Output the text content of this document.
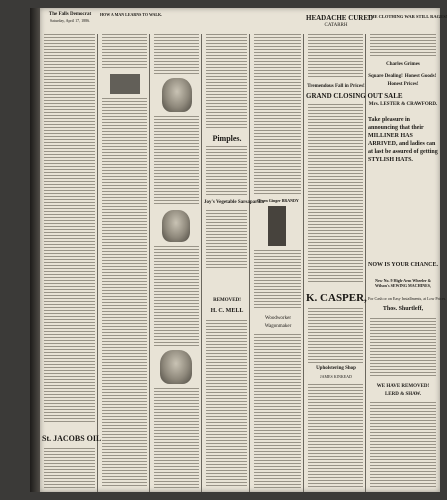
The Falls Democrat
Saturday, April 17, 1886.
St. JACOBS OIL
HOW A MAN LEARNS TO WALK.
Pimples.
Joy's Vegetable Sarsaparilla
REMOVED!
H. C. MELL
Green Ginger BRANDY
Woodworker
Wagonmaker
HEADACHE CURED
CATARRH
Tremendous Fall in Prices!
GRAND CLOSING OUT SALE
K. CASPER,
Upholstering Shop
JAMES KINKEAD
THE CLOTHING WAR STILL RAGES!
Charles Grimes
Square Dealing! Honest Goods!
Honest Prices!
Mrs. LESTER & CRAWFORD.
Take pleasure in announcing that their MILLINER HAS ARRIVED, and ladies can at last be assured of getting STYLISH HATS.
NOW IS YOUR CHANCE.
New No. 9 High-Arm Wheeler & Wilson's SEWING MACHINES,
For Cash or on Easy Installments, at Low Prices.
Thos. Shurtleff,
WE HAVE REMOVED!
LERD & SHAW.
